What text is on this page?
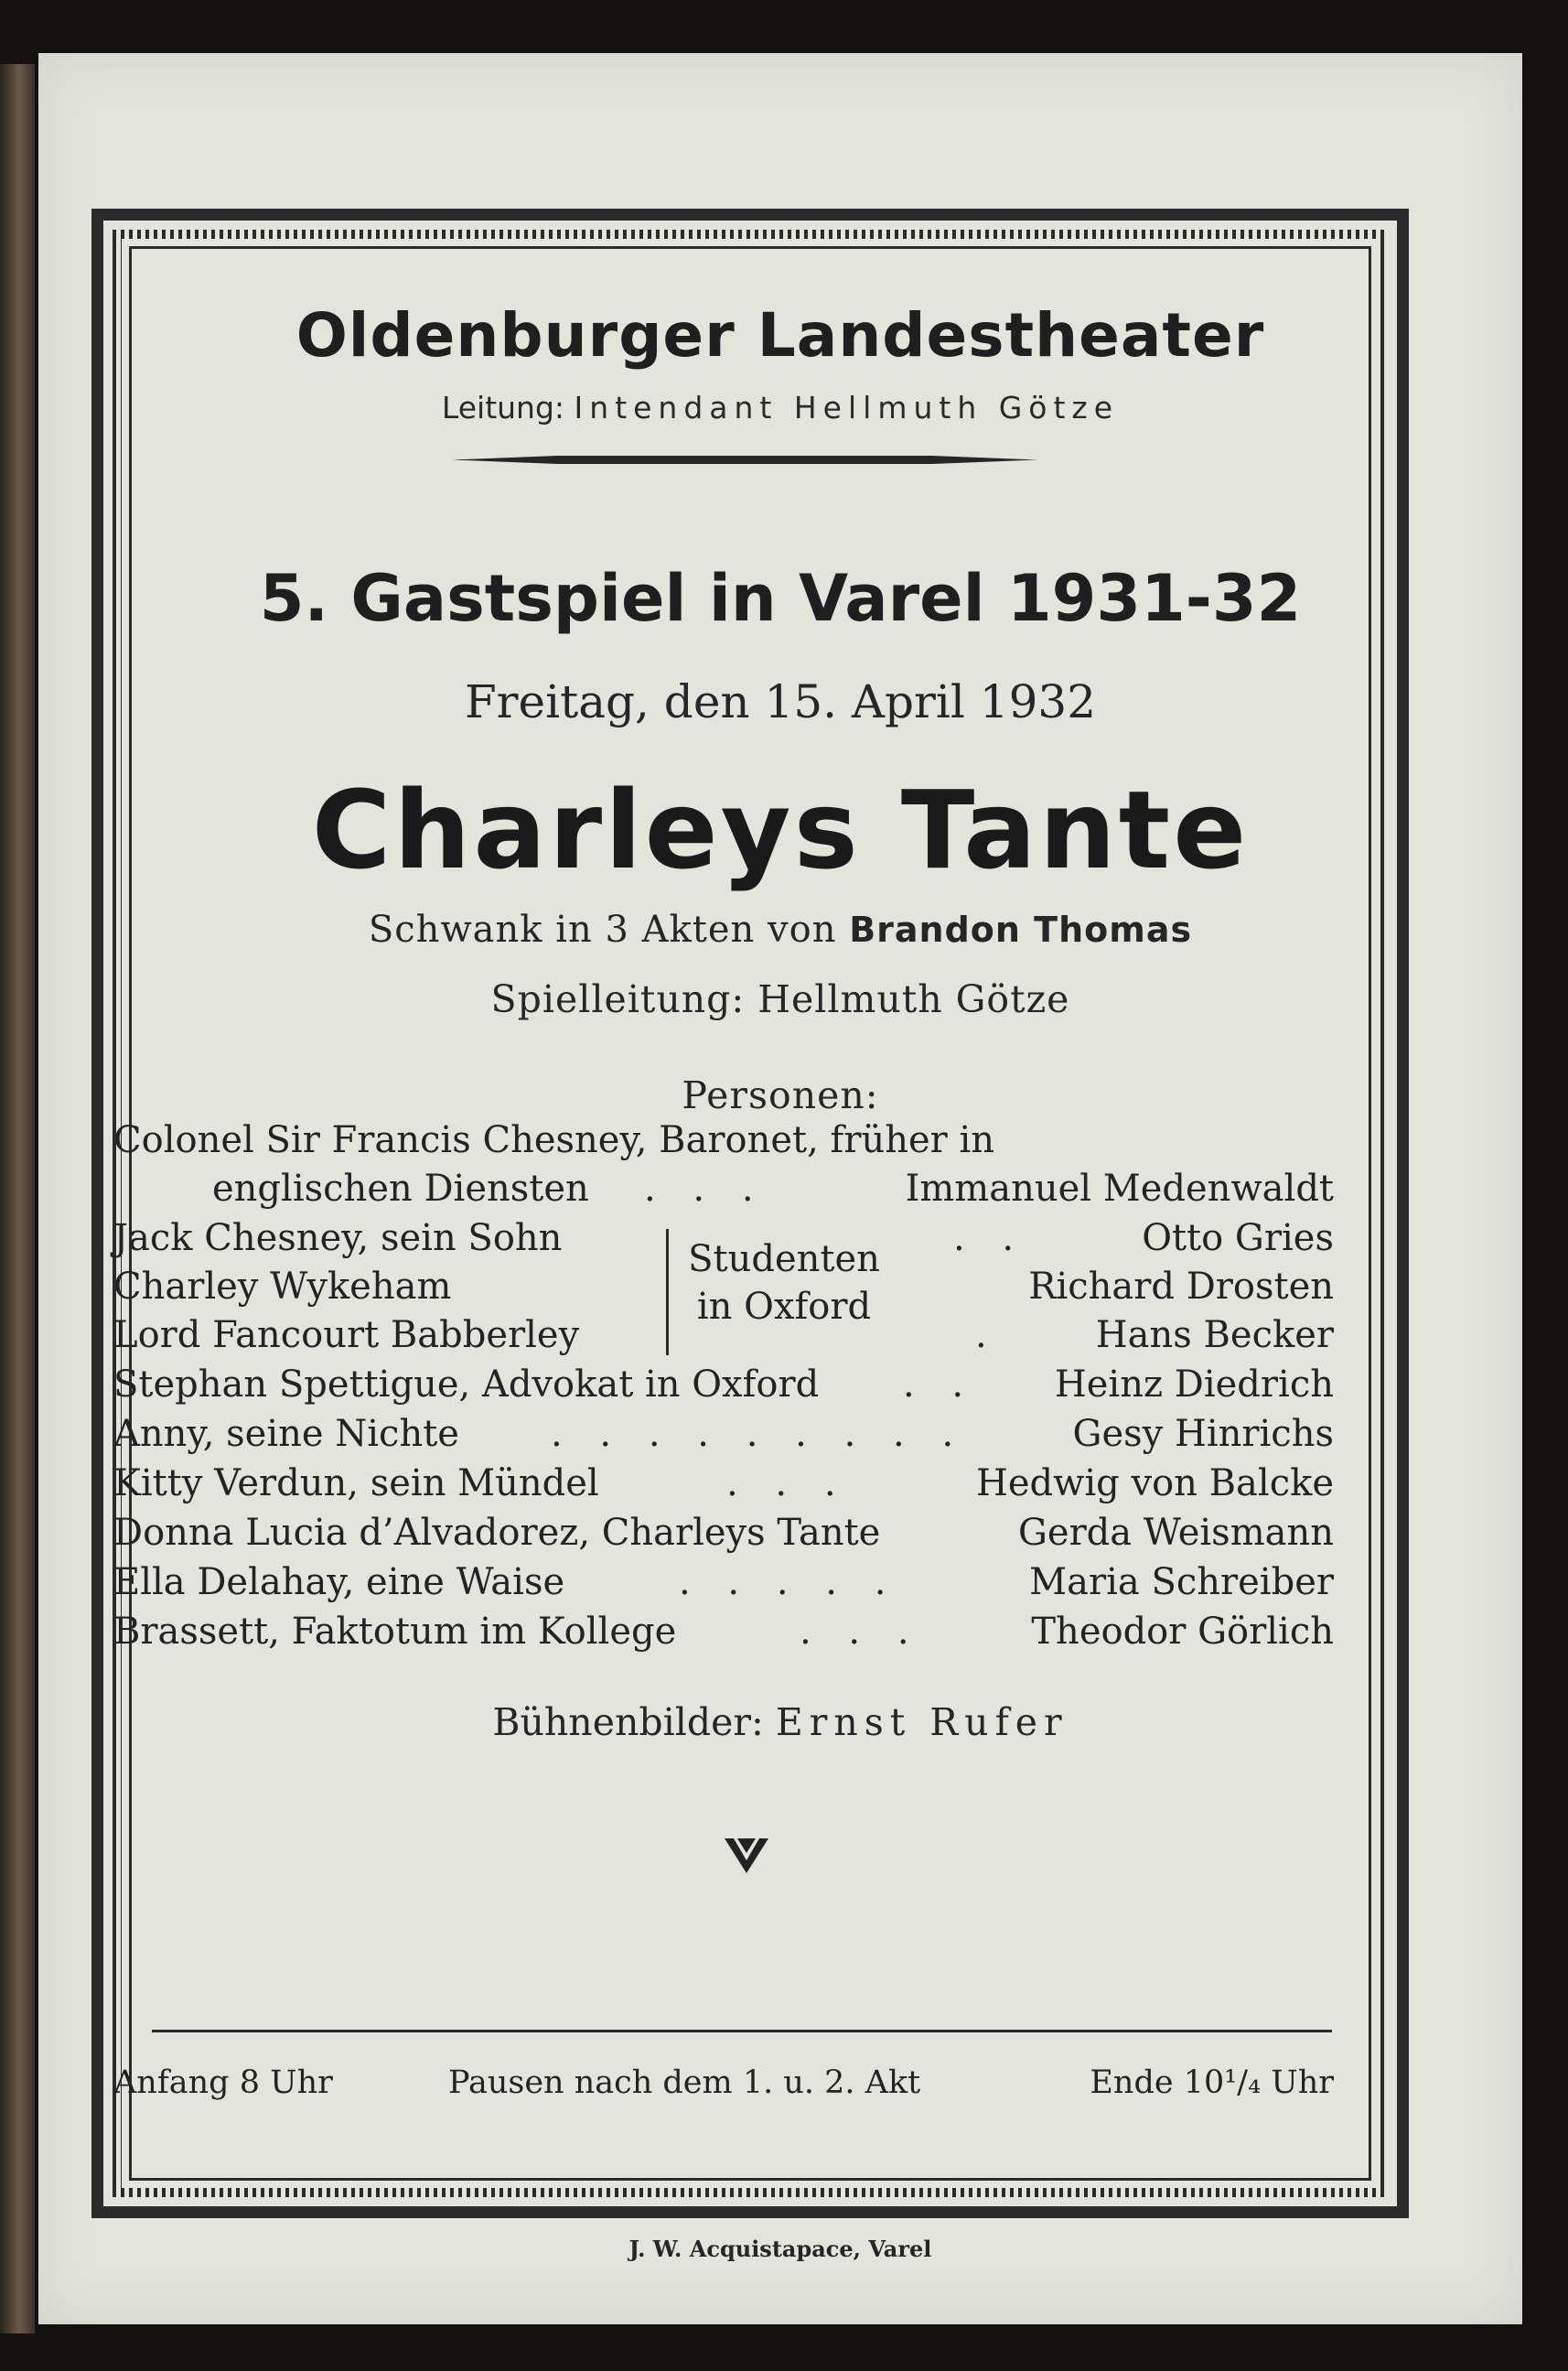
Oldenburger Landestheater
Leitung: Intendant Hellmuth Götze
5. Gastspiel in Varel 1931-32
Freitag, den 15. April 1932
Charleys Tante
Schwank in 3 Akten von Brandon Thomas
Spielleitung: Hellmuth Götze
Personen:
Colonel Sir Francis Chesney, Baronet, früher in
englischen Diensten . . .	Immanuel Medenwaldt
Jack Chesney, sein Sohn	. .	Otto Gries
Charley Wykeham	Richard Drosten
Lord Fancourt Babberley	.	Hans Becker
Studenten
in Oxford
Stephan Spettigue, Advokat in Oxford . . Heinz Diedrich
Anny, seine Nichte	. . . . . . . . .	Gesy Hinrichs
Kitty Verdun, sein Mündel	. . .	Hedwig von Balcke
Donna Lucia d’Alvadorez, Charleys Tante	Gerda Weismann
Ella Delahay, eine Waise	. . . . .	Maria Schreiber
Brassett, Faktotum im Kollege	. . .	Theodor Görlich
Bühnenbilder: Ernst Rufer
Anfang 8 Uhr	Pausen nach dem 1. u. 2. Akt	Ende 10¹/₄ Uhr
J. W. Acquistapace, Varel
